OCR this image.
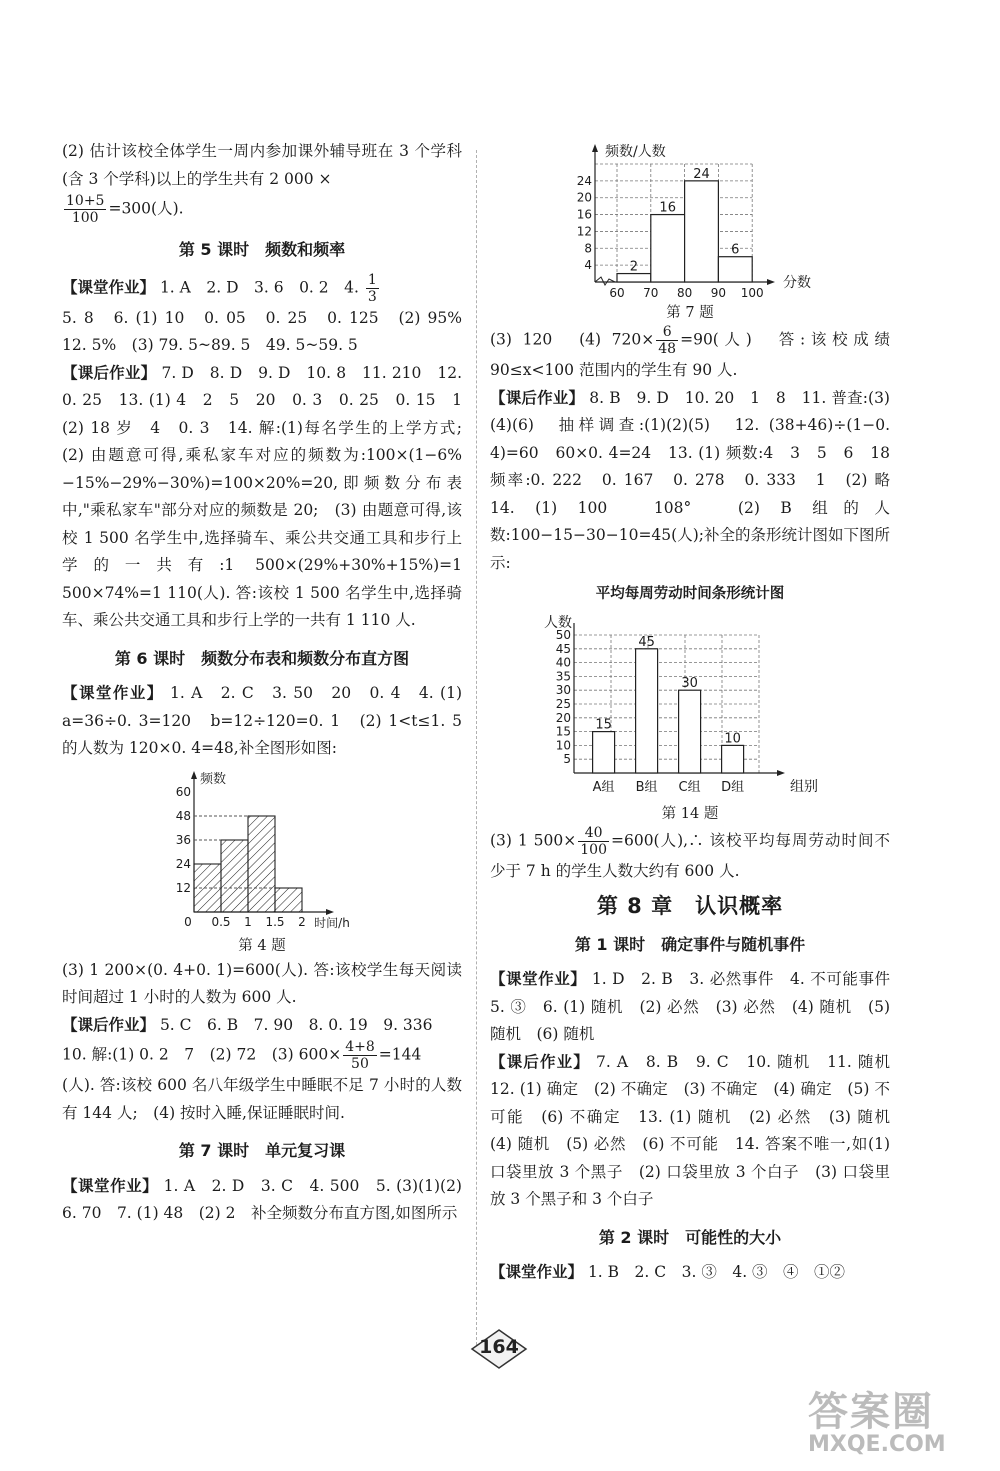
(2) 估计该校全体学生一周内参加课外辅导班在 3 个学科(含 3 个学科)以上的学生共有 2 000 ×

$\frac{10+5}{100} =300$(人).

第 5 课时　频数和频率

【课堂作业】 1. A　2. D　3. 6　0. 2　4. $\frac{1}{3}$

5. 8　6. (1) 10　0. 05　0. 25　0. 125　(2) 95%　12. 5%　(3) 79. 5~89. 5　49. 5~59. 5

【课后作业】 7. D　8. D　9. D　10. 8　11. 210　12. 0. 25　13. (1) 4　2　5　20　0. 3　0. 25　0. 15　1　(2) 18 岁　4　0. 3　14. 解:(1)每名学生的上学方式;　(2) 由题意可得,乘私家车对应的频数为:100×(1−6%−15%−29%−30%)=100×20%=20,即频数分布表中,"乘私家车"部分对应的频数是 20;　(3) 由题意可得,该校 1 500 名学生中,选择骑车、乘公共交通工具和步行上学的一共有:1 500×(29%+30%+15%)=1 500×74%=1 110(人). 答:该校 1 500 名学生中,选择骑车、乘公共交通工具和步行上学的一共有 1 110 人.

第 6 课时　频数分布表和频数分布直方图

【课堂作业】 1. A　2. C　3. 50　20　0. 4　4. (1) a=36÷0. 3=120　b=12÷120=0. 1　(2) 1<t≤1. 5 的人数为 120×0. 4=48,补全图形如图:

频数
12
24
36
48
60
0 0.5 1 1.5 2 时间/h
第 4 题

(3) 1 200×(0. 4+0. 1)=600(人). 答:该校学生每天阅读时间超过 1 小时的人数为 600 人.

【课后作业】 5. C　6. B　7. 90　8. 0. 19　9. 336

10. 解:(1) 0. 2　7　(2) 72　(3) $600\times \frac{4+8}{50} =144$

(人). 答:该校 600 名八年级学生中睡眠不足 7 小时的人数有 144 人;　(4) 按时入睡,保证睡眠时间.

第 7 课时　单元复习课

【课堂作业】 1. A　2. D　3. C　4. 500　5. (3)(1)(2)　6. 70　7. (1) 48　(2) 2　补全频数分布直方图,如图所示

频数/人数
分数
4
8
12
16
20
24
60 70 80 90 100
2
16
24
6
第 7 题

(3) 120　(4) $720\times \frac{6}{48} =90$(人)　答:该校成绩 90≤x<100 范围内的学生有 90 人.

【课后作业】 8. B　9. D　10. 20　1　8　11. 普查:(3)(4)(6)　抽样调查:(1)(2)(5)　12. (38+46)÷(1−0. 4)=60　60×0. 4=24　13. (1) 频数:4　3　5　6　18　频率:0. 222　0. 167　0. 278　0. 333　1　(2) 略　14. (1) 100　108°　(2) B 组的人数:100−15−30−10=45(人);补全的条形统计图如下图所示:

平均每周劳动时间条形统计图
人数
组别
5
10
15
20
25
30
35
40
45
50
15
A组
45
B组
30
C组
10
D组
第 14 题

(3) 1 $500\times \frac{40}{100} =600$(人),∴ 该校平均每周劳动时间不少于 7 h 的学生人数大约有 600 人.

第 8 章　认识概率
第 1 课时　确定事件与随机事件

【课堂作业】 1. D　2. B　3. 必然事件　4. 不可能事件　5. ③　6. (1) 随机　(2) 必然　(3) 必然　(4) 随机　(5) 随机　(6) 随机

【课后作业】 7. A　8. B　9. C　10. 随机　11. 随机　12. (1) 确定　(2) 不确定　(3) 不确定　(4) 确定　(5) 不可能　(6) 不确定　13. (1) 随机　(2) 必然　(3) 随机　(4) 随机　(5) 必然　(6) 不可能　14. 答案不唯一,如(1) 口袋里放 3 个黑子　(2) 口袋里放 3 个白子　(3) 口袋里放 3 个黑子和 3 个白子

第 2 课时　可能性的大小

【课堂作业】 1. B　2. C　3. ③　4. ③　④　①②

164
答案圈
MXQE.COM
